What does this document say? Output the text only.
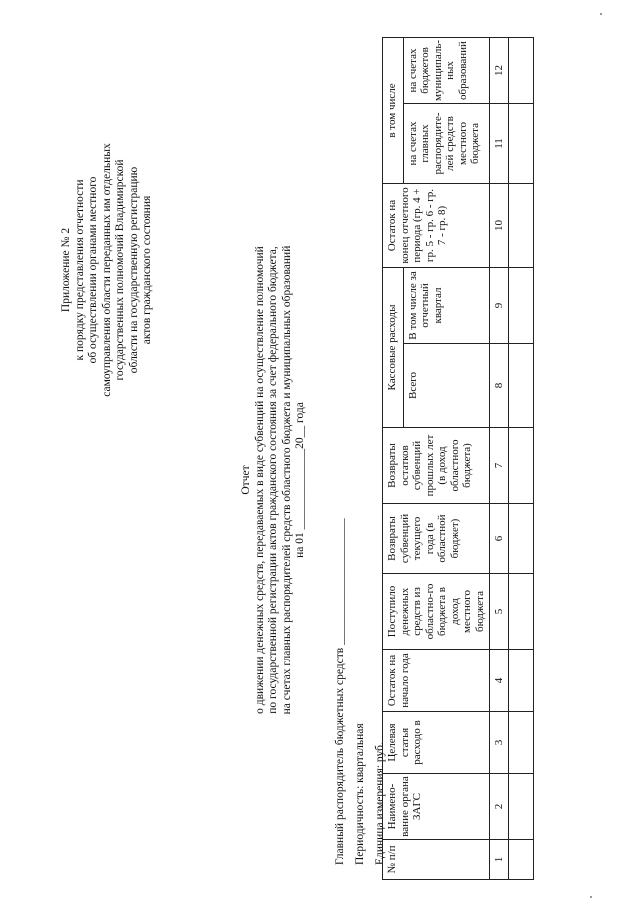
Приложение № 2 к порядку представления отчетности об осуществлении органами местного самоуправления области переданных им отдельных государственных полномочий Владимирской области на государственную регистрацию актов гражданского состояния
Отчет о движении денежных средств, передаваемых в виде субвенций на осуществление полномочий по государственной регистрации актов гражданского состояния за счет федерального бюджета, на счетах главных распорядителей средств областного бюджета и муниципальных образований на 01 ______________20__ года
Главный распорядитель бюджетных средств ______________________ Периодичность: квартальная Единица измерения: руб. № п/п	Наимено-вание органа ЗАГС	Целевая статья расходо в	Остаток на начало года	Поступило денежных средств из областно-го бюджета в доход местного бюджета	Возвраты субвенций текущего года (в областной бюджет)	Возвраты остатков субвенций прошлых лет (в доход областного бюджета)	Кассовые расходы		Остаток на конец отчетного периода (гр. 4 + гр. 5 - гр. 6 - гр. 7 - гр. 8)	в том числе	
							Всего	В том числе за отчетный квартал		на счетах главных распорядите-лей средств местного бюджета	на счетах бюджетов муниципаль-ных образований
1	2	3	4	5	6	7	8	9	10	11	12
